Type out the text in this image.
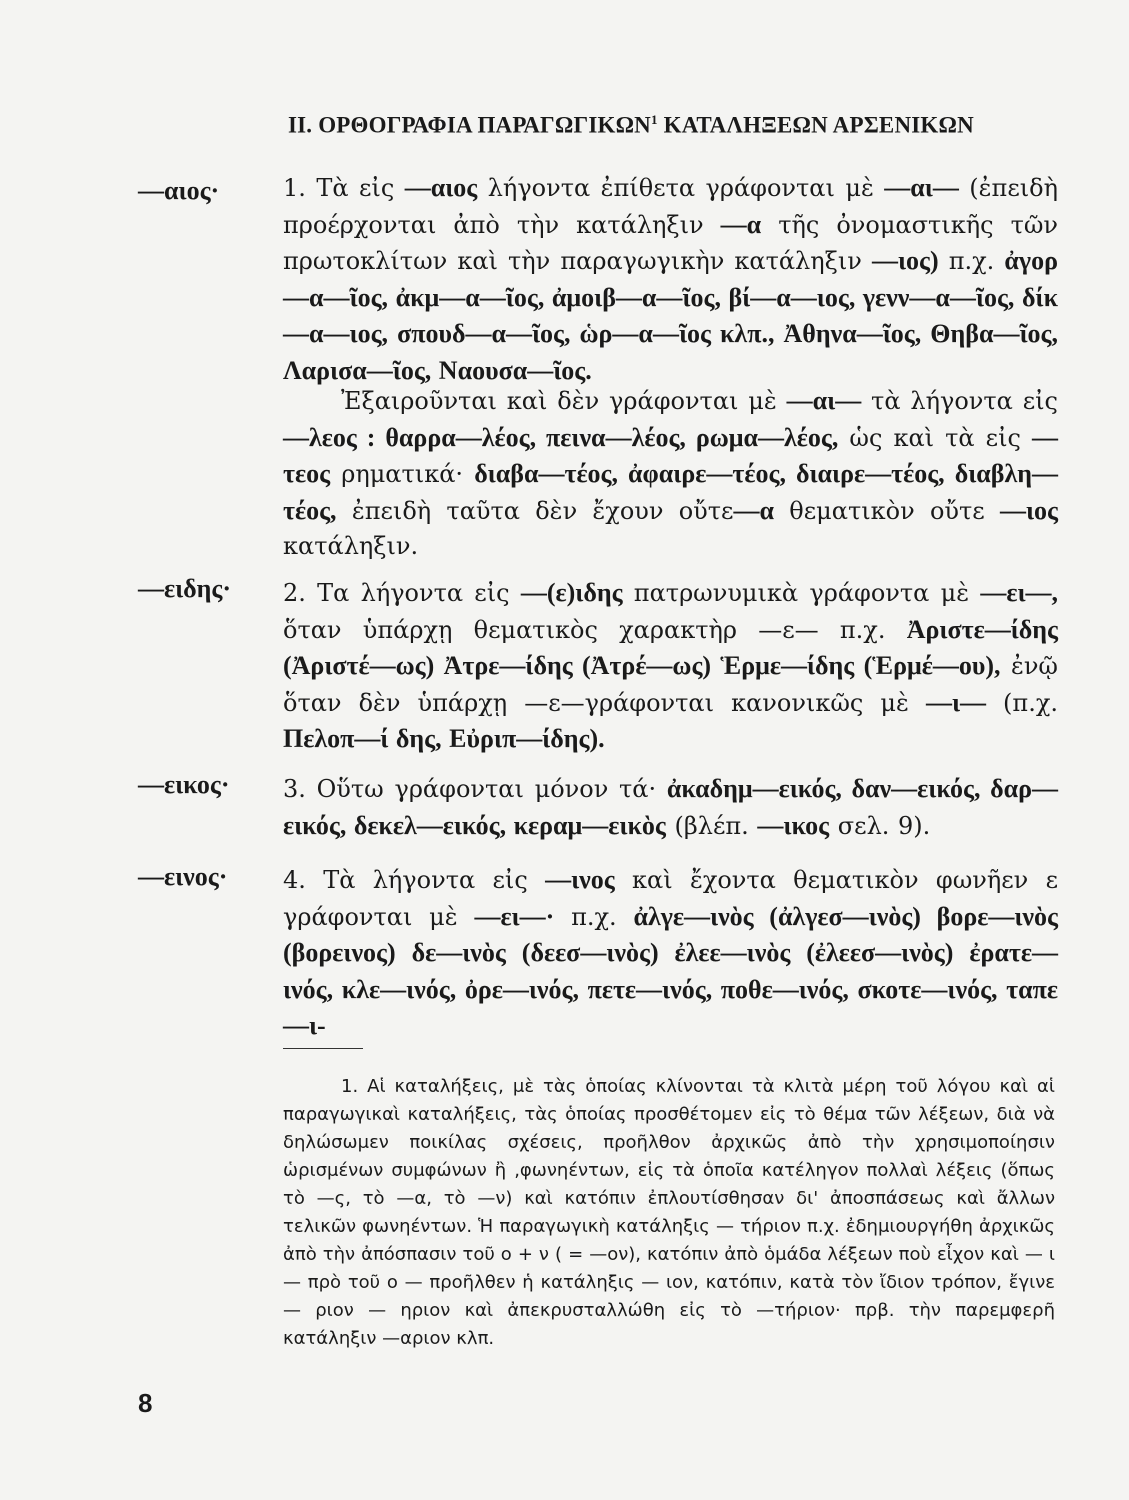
ΙΙ. ΟΡΘΟΓΡΑΦΙΑ ΠΑΡΑΓΩΓΙΚΩΝ$^1$ ΚΑΤΑΛΗΞΕΩΝ ΑΡΣΕΝΙΚΩΝ
—αιος·	1. Τὰ εἰς —αιος λήγοντα ἐπίθετα γράφονται μὲ —αι— (ἐπειδὴ προέρχονται ἀπὸ τὴν κατάληξιν —α τῆς ὀνομαστικῆς τῶν πρωτοκλίτων καὶ τὴν παραγωγικὴν κατάληξιν —ιος) π.χ. ἀγορ—α—ῖος, ἀκμ—α—ῖος, ἀμοιβ—α—ῖος, βί—α—ιος, γενν—α—ῖος, δίκ—α—ιος, σπουδ—α—ῖος, ὡρ—α—ῖος κλπ., Ἀθηνα—ῖος, Θηβα—ῖος, Λαρισα—ῖος, Ναουσα—ῖος.
Ἐξαιροῦνται καὶ δὲν γράφονται μὲ —αι— τὰ λήγοντα εἰς —λεος : θαρρα—λέος, πεινα—λέος, ρωμα—λέος, ὡς καὶ τὰ εἰς —τεος ρηματικά· διαβα—τέος, ἀφαιρε—τέος, διαιρε—τέος, διαβλη—τέος, ἐπειδὴ ταῦτα δὲν ἔχουν οὔτε—α θεματικὸν οὔτε —ιος κατάληξιν.
—ειδης· 2. Τα λήγοντα εἰς —(ε)ιδης πατρωνυμικὰ γράφοντα μὲ —ει—, ὅταν ὑπάρχῃ θεματικὸς χαρακτὴρ —ε— π.χ. Ἀριστε—ίδης (Ἀριστέ—ως) Ἀτρε—ίδης (Ἀτρέ—ως) Ἑρμε—ίδης (Ἑρμέ—ου), ἐνῷ ὅταν δὲν ὑπάρχῃ —ε—γράφονται κανονικῶς μὲ —ι— (π.χ. Πελοπ—ί δης, Εὐριπ—ίδης).
—εικος· 3. Οὕτω γράφονται μόνον τά· ἀκαδημ—εικός, δαν—εικός, δαρ—εικός, δεκελ—εικός, κεραμ—εικὸς (βλέπ. —ικος σελ. 9).
—εινος· 4. Τὰ λήγοντα εἰς —ινος καὶ ἔχοντα θεματικὸν φωνῆεν ε γράφονται μὲ —ει—· π.χ. ἀλγε—ινὸς (ἀλγεσ—ινὸς) βορε—ινὸς (βορεινος) δε—ινὸς (δεεσ—ινὸς) ἐλεε—ινὸς (ἐλεεσ—ινὸς) ἐρατε—ινός, κλε—ινός, ὀρε—ινός, πετε—ινός, ποθε—ινός, σκοτε—ινός, ταπε—ι-
1. Αἱ καταλήξεις, μὲ τὰς ὁποίας κλίνονται τὰ κλιτὰ μέρη τοῦ λόγου καὶ αἱ παραγωγικαὶ καταλήξεις, τὰς ὁποίας προσθέτομεν εἰς τὸ θέμα τῶν λέξεων, διὰ νὰ δηλώσωμεν ποικίλας σχέσεις, προῆλθον ἀρχικῶς ἀπὸ τὴν χρησιμοποίησιν ὡρισμένων συμφώνων ἢ ,φωνηέντων, εἰς τὰ ὁποῖα κατέληγον πολλαὶ λέξεις (ὅπως τὸ —ς, τὸ —α, τὸ —ν) καὶ κατόπιν ἐπλουτίσθησαν δι' ἀποσπάσεως καὶ ἄλλων τελικῶν φωνηέντων. Ἡ παραγωγικὴ κατάληξις — τήριον π.χ. ἐδημιουργήθη ἀρχικῶς ἀπὸ τὴν ἀπόσπασιν τοῦ ο + ν ( = —ον), κατόπιν ἀπὸ ὁμάδα λέξεων ποὺ εἶχον καὶ — ι — πρὸ τοῦ ο — προῆλθεν ἡ κατάληξις — ιον, κατόπιν, κατὰ τὸν ἴδιον τρόπον, ἔγινε — ριον — ηριον καὶ ἀπεκρυσταλλώθη εἰς τὸ —τήριον· πρβ. τὴν παρεμφερῆ κατάληξιν —αριον κλπ.
8
